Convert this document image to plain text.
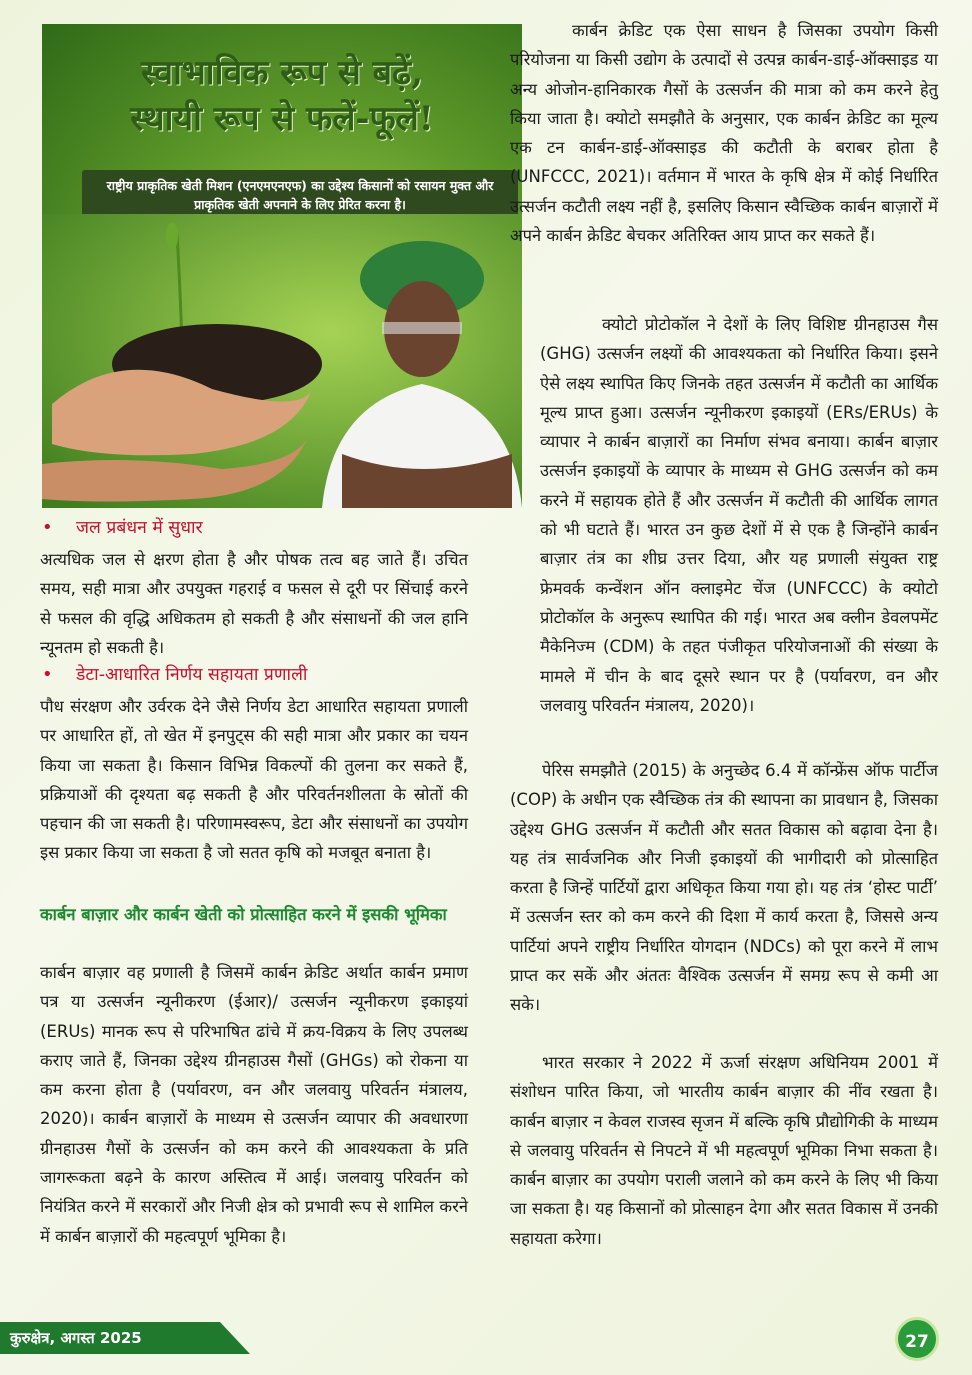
स्वाभाविक रूप से बढ़ें,
स्थायी रूप से फलें-फूलें!
राष्ट्रीय प्राकृतिक खेती मिशन (एनएमएनएफ) का उद्देश्य किसानों को रसायन मुक्त और प्राकृतिक खेती अपनाने के लिए प्रेरित करना है।
• जल प्रबंधन में सुधार

अत्यधिक जल से क्षरण होता है और पोषक तत्व बह जाते हैं। उचित समय, सही मात्रा और उपयुक्त गहराई व फसल से दूरी पर सिंचाई करने से फसल की वृद्धि अधिकतम हो सकती है और संसाधनों की जल हानि न्यूनतम हो सकती है।

• डेटा-आधारित निर्णय सहायता प्रणाली

पौध संरक्षण और उर्वरक देने जैसे निर्णय डेटा आधारित सहायता प्रणाली पर आधारित हों, तो खेत में इनपुट्स की सही मात्रा और प्रकार का चयन किया जा सकता है। किसान विभिन्न विकल्पों की तुलना कर सकते हैं, प्रक्रियाओं की दृश्यता बढ़ सकती है और परिवर्तनशीलता के स्रोतों की पहचान की जा सकती है। परिणामस्वरूप, डेटा और संसाधनों का उपयोग इस प्रकार किया जा सकता है जो सतत कृषि को मजबूत बनाता है।

कार्बन बाज़ार और कार्बन खेती को प्रोत्साहित करने में इसकी भूमिका

कार्बन बाज़ार वह प्रणाली है जिसमें कार्बन क्रेडिट अर्थात कार्बन प्रमाण पत्र या उत्सर्जन न्यूनीकरण (ईआर)/ उत्सर्जन न्यूनीकरण इकाइयां (ERUs) मानक रूप से परिभाषित ढांचे में क्रय-विक्रय के लिए उपलब्ध कराए जाते हैं, जिनका उद्देश्य ग्रीनहाउस गैसों (GHGs) को रोकना या कम करना होता है (पर्यावरण, वन और जलवायु परिवर्तन मंत्रालय, 2020)। कार्बन बाज़ारों के माध्यम से उत्सर्जन व्यापार की अवधारणा ग्रीनहाउस गैसों के उत्सर्जन को कम करने की आवश्यकता के प्रति जागरूकता बढ़ने के कारण अस्तित्व में आई। जलवायु परिवर्तन को नियंत्रित करने में सरकारों और निजी क्षेत्र को प्रभावी रूप से शामिल करने में कार्बन बाज़ारों की महत्वपूर्ण भूमिका है।

कार्बन क्रेडिट एक ऐसा साधन है जिसका उपयोग किसी परियोजना या किसी उद्योग के उत्पादों से उत्पन्न कार्बन-डाई-ऑक्साइड या अन्य ओजोन-हानिकारक गैसों के उत्सर्जन की मात्रा को कम करने हेतु किया जाता है। क्योटो समझौते के अनुसार, एक कार्बन क्रेडिट का मूल्य एक टन कार्बन-डाई-ऑक्साइड की कटौती के बराबर होता है (UNFCCC, 2021)। वर्तमान में भारत के कृषि क्षेत्र में कोई निर्धारित उत्सर्जन कटौती लक्ष्य नहीं है, इसलिए किसान स्वैच्छिक कार्बन बाज़ारों में अपने कार्बन क्रेडिट बेचकर अतिरिक्त आय प्राप्त कर सकते हैं।

क्योटो प्रोटोकॉल ने देशों के लिए विशिष्ट ग्रीनहाउस गैस (GHG) उत्सर्जन लक्ष्यों की आवश्यकता को निर्धारित किया। इसने ऐसे लक्ष्य स्थापित किए जिनके तहत उत्सर्जन में कटौती का आर्थिक मूल्य प्राप्त हुआ। उत्सर्जन न्यूनीकरण इकाइयों (ERs/ERUs) के व्यापार ने कार्बन बाज़ारों का निर्माण संभव बनाया। कार्बन बाज़ार उत्सर्जन इकाइयों के व्यापार के माध्यम से GHG उत्सर्जन को कम करने में सहायक होते हैं और उत्सर्जन में कटौती की आर्थिक लागत को भी घटाते हैं। भारत उन कुछ देशों में से एक है जिन्होंने कार्बन बाज़ार तंत्र का शीघ्र उत्तर दिया, और यह प्रणाली संयुक्त राष्ट्र फ्रेमवर्क कन्वेंशन ऑन क्लाइमेट चेंज (UNFCCC) के क्योटो प्रोटोकॉल के अनुरूप स्थापित की गई। भारत अब क्लीन डेवलपमेंट मैकेनिज्म (CDM) के तहत पंजीकृत परियोजनाओं की संख्या के मामले में चीन के बाद दूसरे स्थान पर है (पर्यावरण, वन और जलवायु परिवर्तन मंत्रालय, 2020)।

पेरिस समझौते (2015) के अनुच्छेद 6.4 में कॉन्फ्रेंस ऑफ पार्टीज (COP) के अधीन एक स्वैच्छिक तंत्र की स्थापना का प्रावधान है, जिसका उद्देश्य GHG उत्सर्जन में कटौती और सतत विकास को बढ़ावा देना है। यह तंत्र सार्वजनिक और निजी इकाइयों की भागीदारी को प्रोत्साहित करता है जिन्हें पार्टियों द्वारा अधिकृत किया गया हो। यह तंत्र ‘होस्ट पार्टी’ में उत्सर्जन स्तर को कम करने की दिशा में कार्य करता है, जिससे अन्य पार्टियां अपने राष्ट्रीय निर्धारित योगदान (NDCs) को पूरा करने में लाभ प्राप्त कर सकें और अंततः वैश्विक उत्सर्जन में समग्र रूप से कमी आ सके।

भारत सरकार ने 2022 में ऊर्जा संरक्षण अधिनियम 2001 में संशोधन पारित किया, जो भारतीय कार्बन बाज़ार की नींव रखता है। कार्बन बाज़ार न केवल राजस्व सृजन में बल्कि कृषि प्रौद्योगिकी के माध्यम से जलवायु परिवर्तन से निपटने में भी महत्वपूर्ण भूमिका निभा सकता है। कार्बन बाज़ार का उपयोग पराली जलाने को कम करने के लिए भी किया जा सकता है। यह किसानों को प्रोत्साहन देगा और सतत विकास में उनकी सहायता करेगा।

कुरुक्षेत्र, अगस्त 2025	27
